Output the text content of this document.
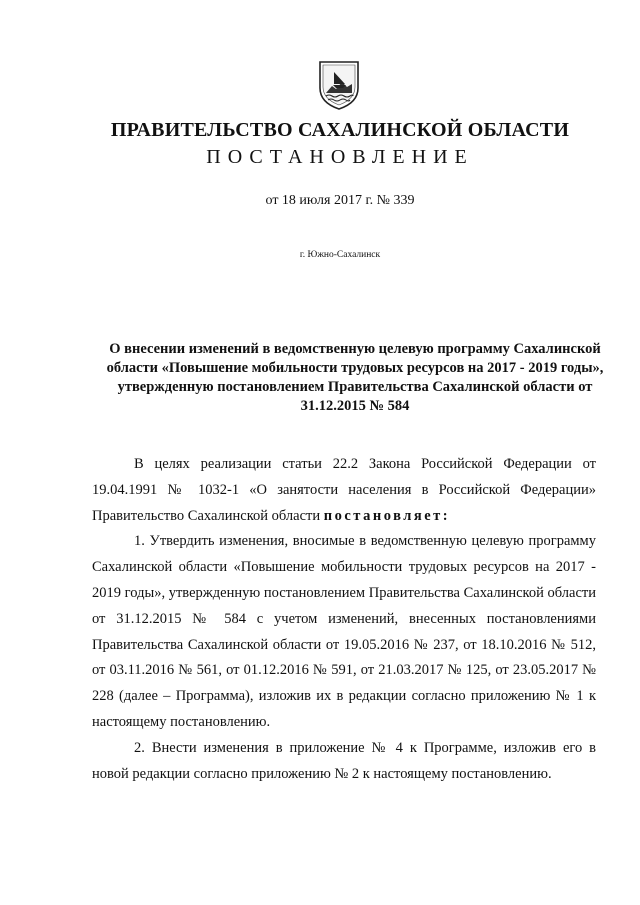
ПРАВИТЕЛЬСТВО САХАЛИНСКОЙ ОБЛАСТИ
ПОСТАНОВЛЕНИЕ
от 18 июля 2017 г. № 339
г. Южно-Сахалинск
О внесении изменений в ведомственную целевую программу Сахалинской области «Повышение мобильности трудовых ресурсов на 2017 - 2019 годы», утвержденную постановлением Правительства Сахалинской области от 31.12.2015 № 584

В целях реализации статьи 22.2 Закона Российской Федерации от 19.04.1991 № 1032-1 «О занятости населения в Российской Федерации» Правительство Сахалинской области постановляет:

1. Утвердить изменения, вносимые в ведомственную целевую программу Сахалинской области «Повышение мобильности трудовых ресурсов на 2017 - 2019 годы», утвержденную постановлением Правительства Сахалинской области от 31.12.2015 № 584 с учетом изменений, внесенных постановлениями Правительства Сахалинской области от 19.05.2016 № 237, от 18.10.2016 № 512, от 03.11.2016 № 561, от 01.12.2016 № 591, от 21.03.2017 № 125, от 23.05.2017 № 228 (далее – Программа), изложив их в редакции согласно приложению № 1 к настоящему постановлению.

2. Внести изменения в приложение № 4 к Программе, изложив его в новой редакции согласно приложению № 2 к настоящему постановлению.
